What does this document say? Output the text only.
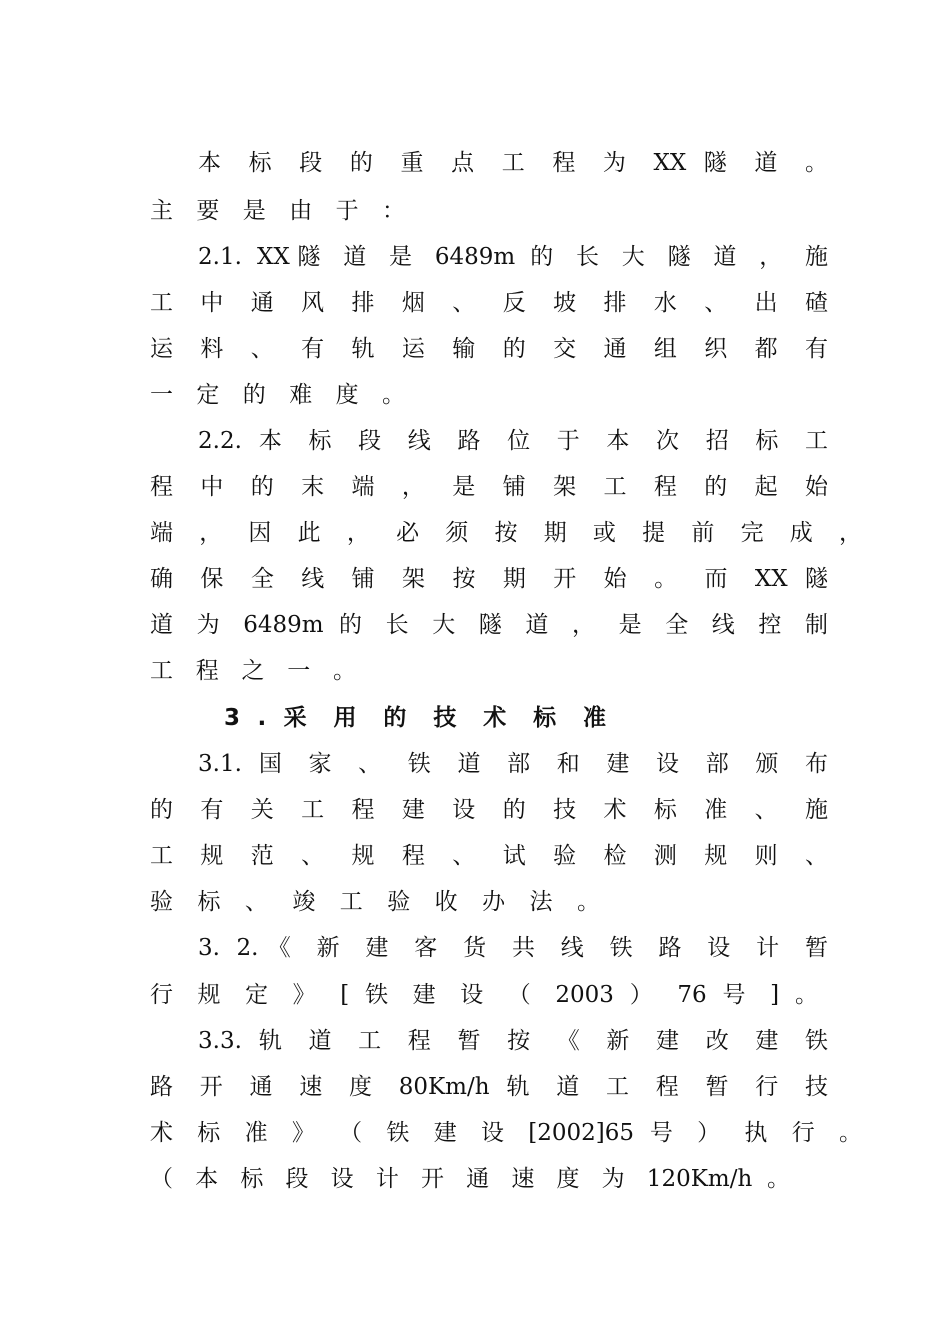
本 标 段 的 重 点 工 程 为 XX 隧 道 。
主 要 是 由 于 ：
2.1. XX隧 道 是 6489m 的 长 大 隧 道 ， 施
工 中 通 风 排 烟 、 反 坡 排 水 、 出 碴
运 料 、 有 轨 运 输 的 交 通 组 织 都 有
一 定 的 难 度 。
2.2. 本 标 段 线 路 位 于 本 次 招 标 工
程 中 的 末 端 ， 是 铺 架 工 程 的 起 始
端 ， 因 此 ， 必 须 按 期 或 提 前 完 成 ，
确 保 全 线 铺 架 按 期 开 始 。 而 XX 隧
道 为 6489m 的 长 大 隧 道 ， 是 全 线 控 制
工 程 之 一 。
3 . 采 用 的 技 术 标 准
3.1. 国 家 、 铁 道 部 和 建 设 部 颁 布
的 有 关 工 程 建 设 的 技 术 标 准 、 施
工 规 范 、 规 程 、 试 验 检 测 规 则 、
验 标 、 竣 工 验 收 办 法 。
3. 2.《 新 建 客 货 共 线 铁 路 设 计 暂
行 规 定 》 [ 铁 建 设 （ 2003 ） 76 号 ] 。
3.3. 轨 道 工 程 暂 按 《 新 建 改 建 铁
路 开 通 速 度 80Km/h 轨 道 工 程 暂 行 技
术 标 准 》 （ 铁 建 设 [2002]65 号 ） 执 行 。
（ 本 标 段 设 计 开 通 速 度 为 120Km/h 。
